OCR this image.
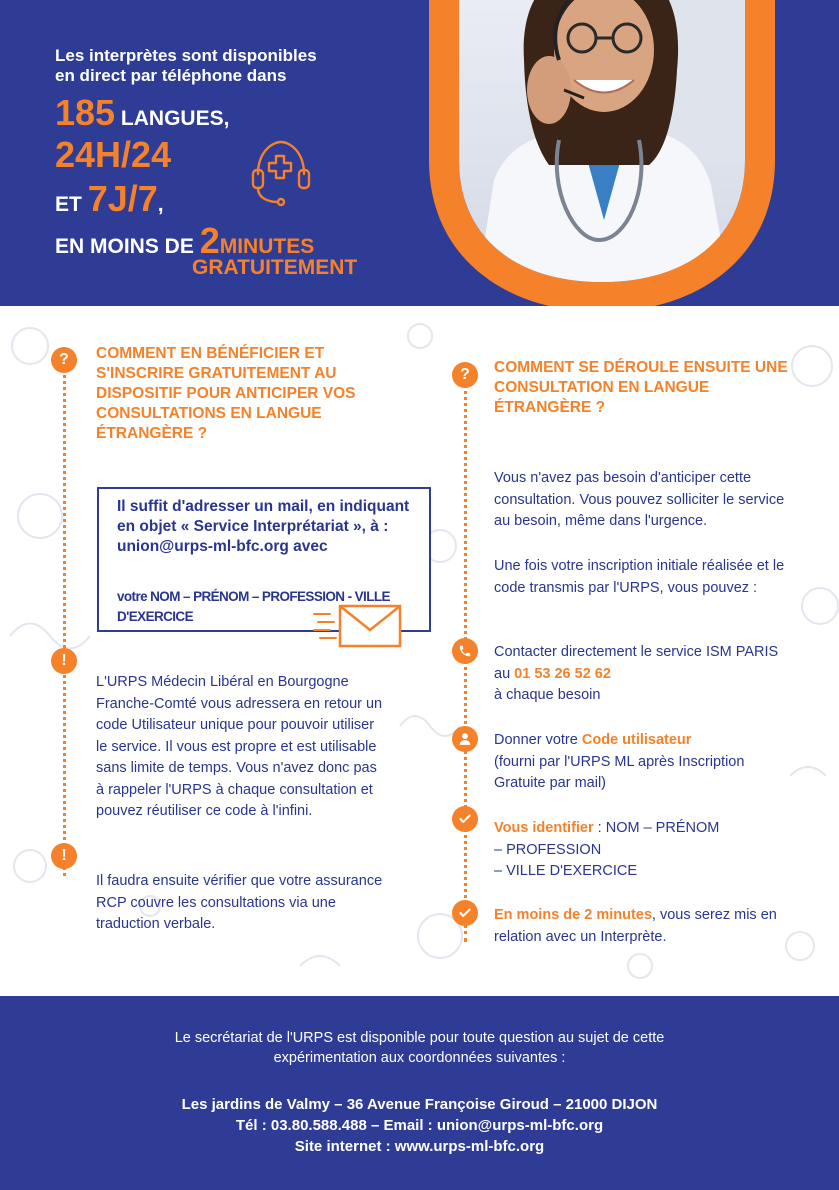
Les interprètes sont disponibles
en direct par téléphone dans

185 LANGUES,
24H/24
ET 7J/7,
EN MOINS DE 2MINUTES
GRATUITEMENT
?	COMMENT EN BÉNÉFICIER ET S'INSCRIRE GRATUITEMENT AU DISPOSITIF POUR ANTICIPER VOS CONSULTATIONS EN LANGUE ÉTRANGÈRE ?

Il suffit d'adresser un mail, en indiquant en objet « Service Interprétariat », à : union@urps-ml-bfc.org avec

votre NOM – PRÉNOM – PROFESSION - VILLE D'EXERCICE

!

L'URPS Médecin Libéral en Bourgogne Franche-Comté vous adressera en retour un code Utilisateur unique pour pouvoir utiliser le service. Il vous est propre et est utilisable sans limite de temps. Vous n'avez donc pas à rappeler l'URPS à chaque consultation et pouvez réutiliser ce code à l'infini.

!

Il faudra ensuite vérifier que votre assurance RCP couvre les consultations via une traduction verbale.

?	COMMENT SE DÉROULE ENSUITE UNE CONSULTATION EN LANGUE ÉTRANGÈRE ?

Vous n'avez pas besoin d'anticiper cette consultation. Vous pouvez solliciter le service au besoin, même dans l'urgence.

Une fois votre inscription initiale réalisée et le code transmis par l'URPS, vous pouvez :

Contacter directement le service ISM PARIS au 01 53 26 52 62
à chaque besoin

Donner votre Code utilisateur
(fourni par l'URPS ML après Inscription Gratuite par mail)

Vous identifier : NOM – PRÉNOM
– PROFESSION
– VILLE D'EXERCICE

En moins de 2 minutes, vous serez mis en relation avec un Interprète.

Le secrétariat de l'URPS est disponible pour toute question au sujet de cette
expérimentation aux coordonnées suivantes :

Les jardins de Valmy – 36 Avenue Françoise Giroud – 21000 DIJON
Tél : 03.80.588.488 – Email : union@urps-ml-bfc.org
Site internet : www.urps-ml-bfc.org
